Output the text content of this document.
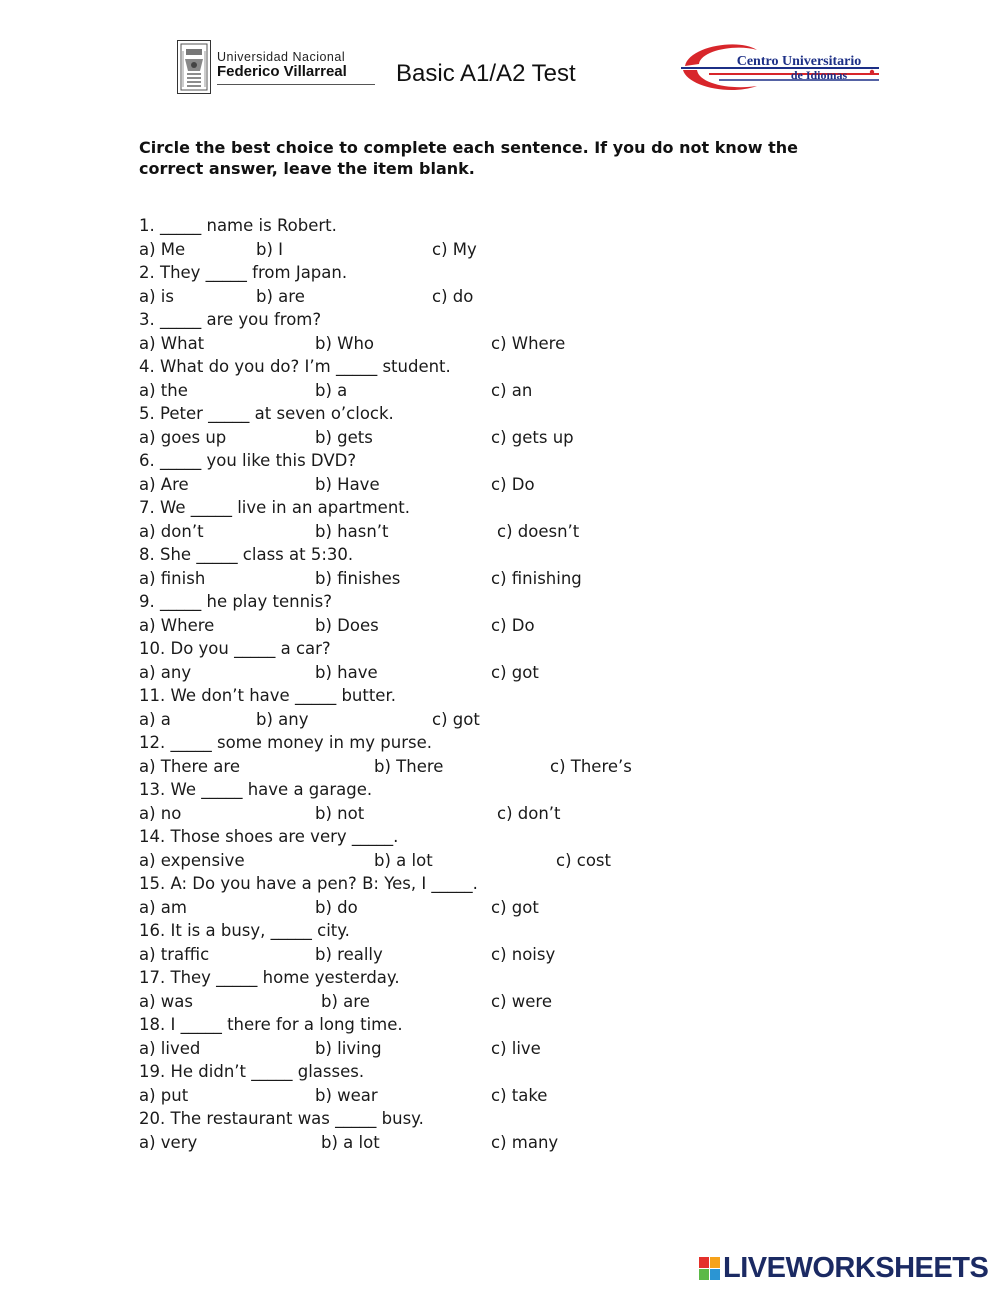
Universidad Nacional
Federico Villarreal Basic A1/A2 Test	Centro Universitario
de Idiomas
Circle the best choice to complete each sentence. If you do not know the correct answer, leave the item blank.
1. _____ name is Robert.
a) Me	b) I	c) My
2. They _____ from Japan.
a) is	b) are	c) do
3. _____ are you from?
a) What	b) Who	c) Where
4. What do you do? I’m _____ student.
a) the	b) a	c) an
5. Peter _____ at seven o’clock.
a) goes up	b) gets	c) gets up
6. _____ you like this DVD?
a) Are	b) Have	c) Do
7. We _____ live in an apartment.
a) don’t	b) hasn’t	c) doesn’t
8. She _____ class at 5:30.
a) finish	b) finishes	c) finishing
9. _____ he play tennis?
a) Where	b) Does	c) Do
10. Do you _____ a car?
a) any	b) have	c) got
11. We don’t have _____ butter.
a) a	b) any	c) got
12. _____ some money in my purse.
a) There are	b) There	c) There’s
13. We _____ have a garage.
a) no	b) not	c) don’t
14. Those shoes are very _____.
a) expensive	b) a lot	c) cost
15. A: Do you have a pen? B: Yes, I _____.
a) am	b) do	c) got
16. It is a busy, _____ city.
a) traffic	b) really	c) noisy
17. They _____ home yesterday.
a) was	b) are	c) were
18. I _____ there for a long time.
a) lived	b) living	c) live
19. He didn’t _____ glasses.
a) put	b) wear	c) take
20. The restaurant was _____ busy.
a) very	b) a lot	c) many
LIVEWORKSHEETS
